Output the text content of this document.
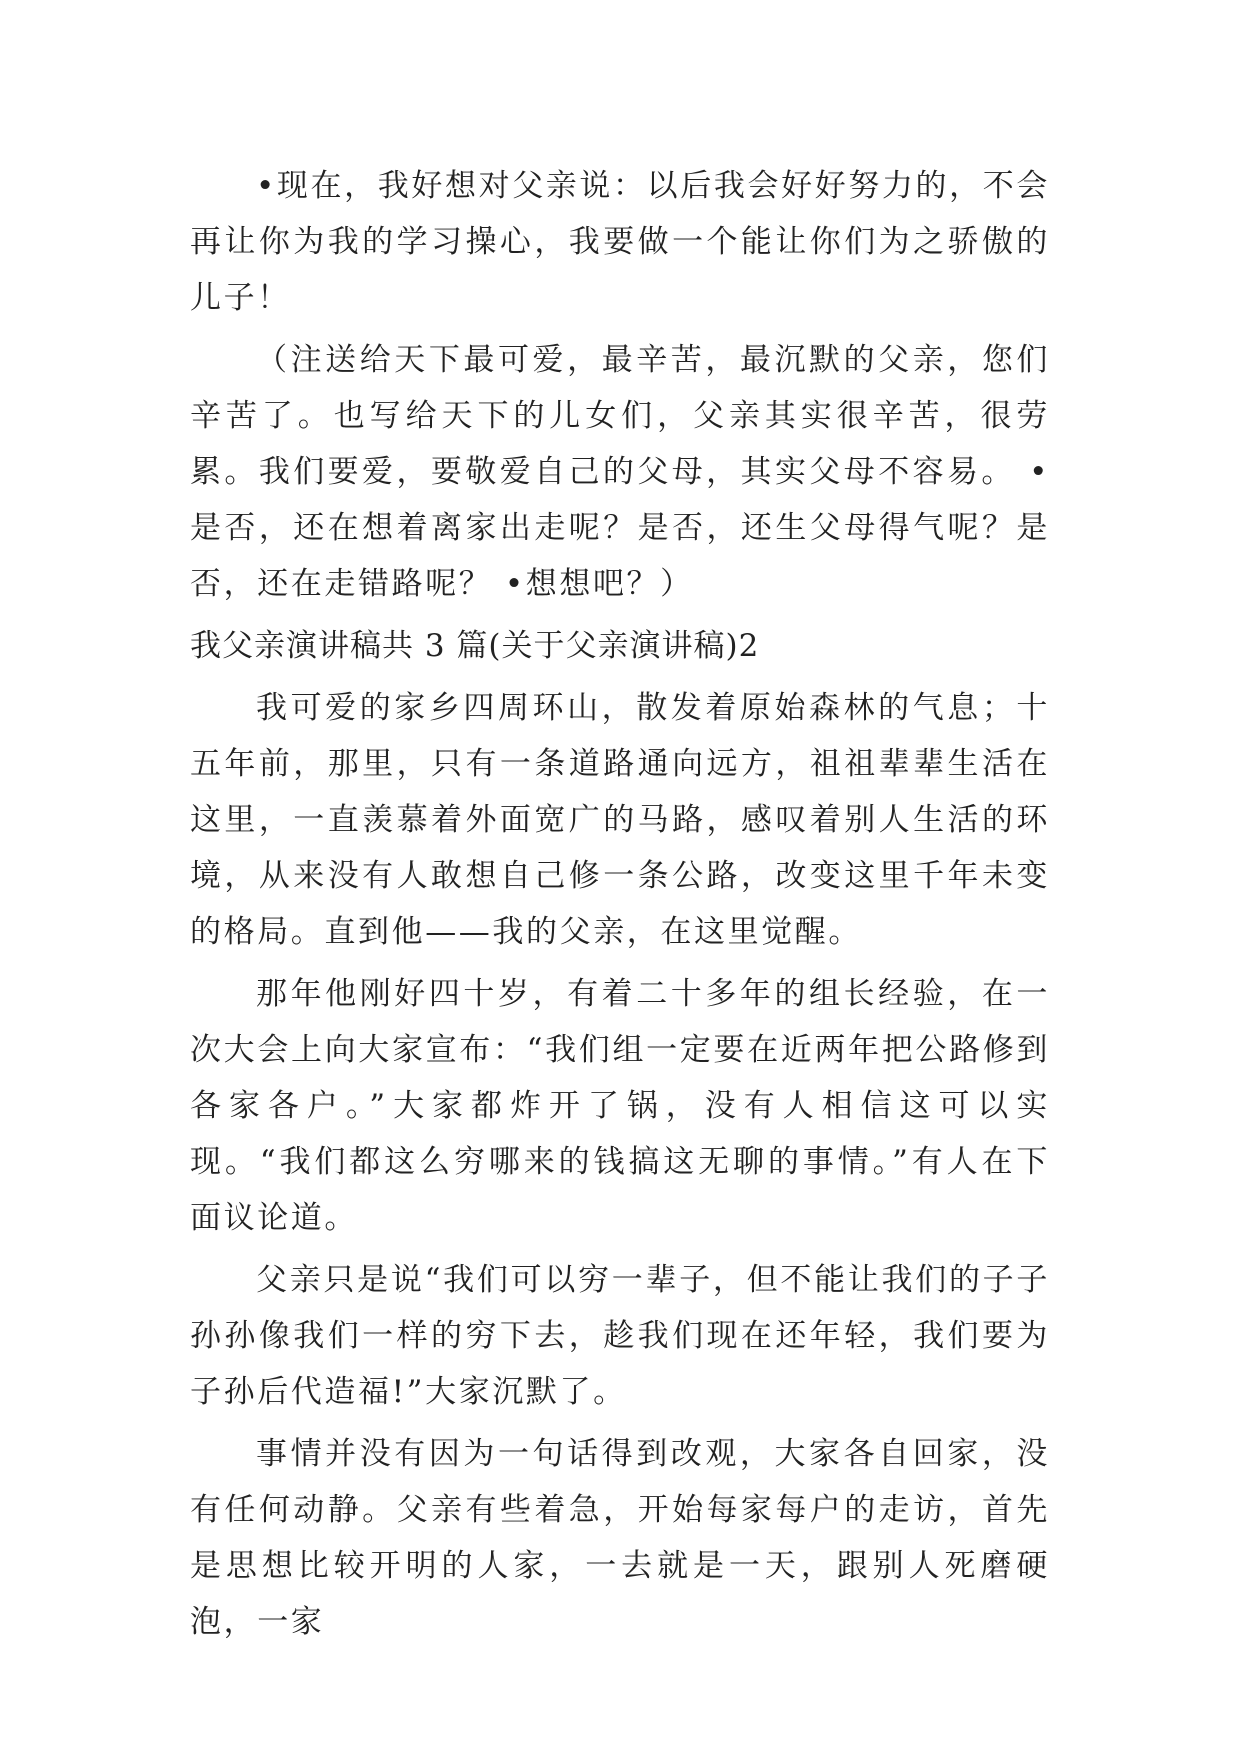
•现在，我好想对父亲说：以后我会好好努力的，不会再让你为我的学习操心，我要做一个能让你们为之骄傲的儿子！

（注送给天下最可爱，最辛苦，最沉默的父亲，您们辛苦了。也写给天下的儿女们，父亲其实很辛苦，很劳累。我们要爱，要敬爱自己的父母，其实父母不容易。 •是否，还在想着离家出走呢？是否，还生父母得气呢？是否，还在走错路呢？ •想想吧？）

我父亲演讲稿共 3 篇(关于父亲演讲稿)2

我可爱的家乡四周环山，散发着原始森林的气息；十五年前，那里，只有一条道路通向远方，祖祖辈辈生活在这里，一直羡慕着外面宽广的马路，感叹着别人生活的环境，从来没有人敢想自己修一条公路，改变这里千年未变的格局。直到他——我的父亲，在这里觉醒。

那年他刚好四十岁，有着二十多年的组长经验，在一次大会上向大家宣布：“我们组一定要在近两年把公路修到各家各户。”大家都炸开了锅，没有人相信这可以实现。“我们都这么穷哪来的钱搞这无聊的事情。”有人在下面议论道。

父亲只是说“我们可以穷一辈子，但不能让我们的子子孙孙像我们一样的穷下去，趁我们现在还年轻，我们要为子孙后代造福!”大家沉默了。

事情并没有因为一句话得到改观，大家各自回家，没有任何动静。父亲有些着急，开始每家每户的走访，首先是思想比较开明的人家，一去就是一天，跟别人死磨硬泡，一家
